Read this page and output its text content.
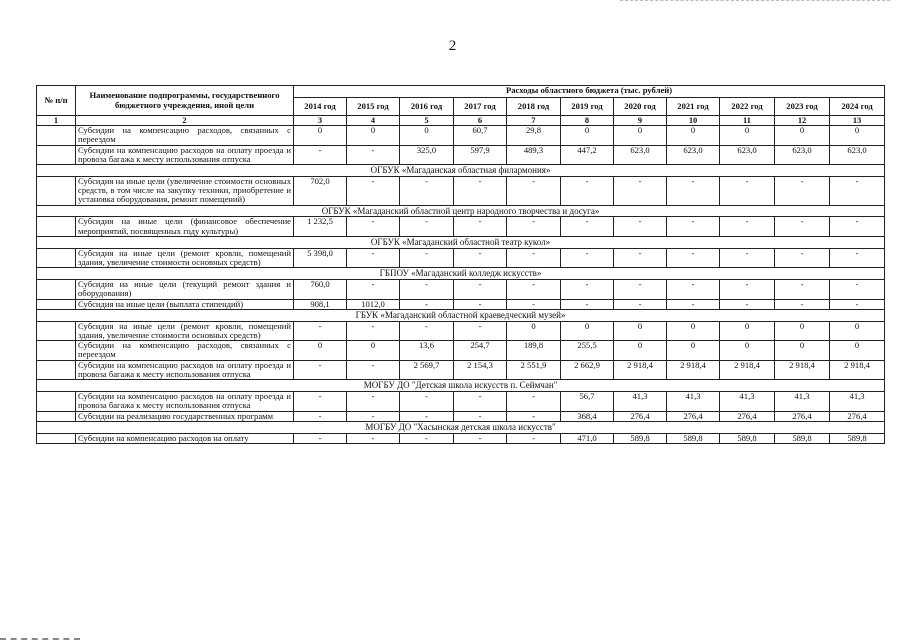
2
№ п/п	Наименование подпрограммы, государственного бюджетного учреждения, иной цели	Расходы областного бюджета (тыс. рублей)										
		2014 год	2015 год	2016 год	2017 год	2018 год	2019 год	2020 год	2021 год	2022 год	2023 год	2024 год
1	2	3	4	5	6	7	8	9	10	11	12	13
	Субсидии на компенсацию расходов, связанных с переездом	0	0	0	60,7	29,8	0	0	0	0	0	0
	Субсидии на компенсацию расходов на оплату проезда и провоза багажа к месту использования отпуска	-	-	325,0	597,9	489,3	447,2	623,0	623,0	623,0	623,0	623,0
ОГБУК «Магаданская областная филармония»												
	Субсидия на иные цели (увеличение стоимости основных средств, в том числе на закупку техники, приобретение и установка оборудования, ремонт помещений)	702,0	-	-	-	-	-	-	-	-	-	-
ОГБУК «Магаданский областной центр народного творчества и досуга»												
	Субсидия на иные цели (финансовое обеспечение мероприятий, посвященных году культуры)	1 232,5	-	-	-	-	-	-	-	-	-	-
ОГБУК «Магаданский областной театр кукол»												
	Субсидия на иные цели (ремонт кровли, помещений здания, увеличение стоимости основных средств)	5 398,0	-	-	-	-	-	-	-	-	-	-
ГБПОУ «Магаданский колледж искусств»												
	Субсидия на иные цели (текущий ремонт здания и оборудования)	760,0	-	-	-	-	-	-	-	-	-	-
	Субсидия на иные цели (выплата стипендий)	908,1	1012,0	-	-	-	-	-	-	-	-	-
ГБУК «Магаданский областной краеведческий музей»												
	Субсидия на иные цели (ремонт кровли, помещений здания, увеличение стоимости основных средств)	-	-	-	-	0	0	0	0	0	0	0
	Субсидии на компенсацию расходов, связанных с переездом	0	0	13,6	254,7	189,8	255,5	0	0	0	0	0
	Субсидии на компенсацию расходов на оплату проезда и провоза багажа к месту использования отпуска	-	-	2 569,7	2 154,3	2 551,9	2 662,9	2 918,4	2 918,4	2 918,4	2 918,4	2 918,4
МОГБУ ДО "Детская школа искусств п. Сеймчан"												
	Субсидии на компенсацию расходов на оплату проезда и провоза багажа к месту использования отпуска	-	-	-	-	-	56,7	41,3	41,3	41,3	41,3	41,3
	Субсидии на реализацию государственных программ	-	-	-	-	-	368,4	276,4	276,4	276,4	276,4	276,4
МОГБУ ДО "Хасынская детская школа искусств"												
	Субсидии на компенсацию расходов на оплату	-	-	-	-	-	471,0	589,8	589,8	589,8	589,8	589,8
